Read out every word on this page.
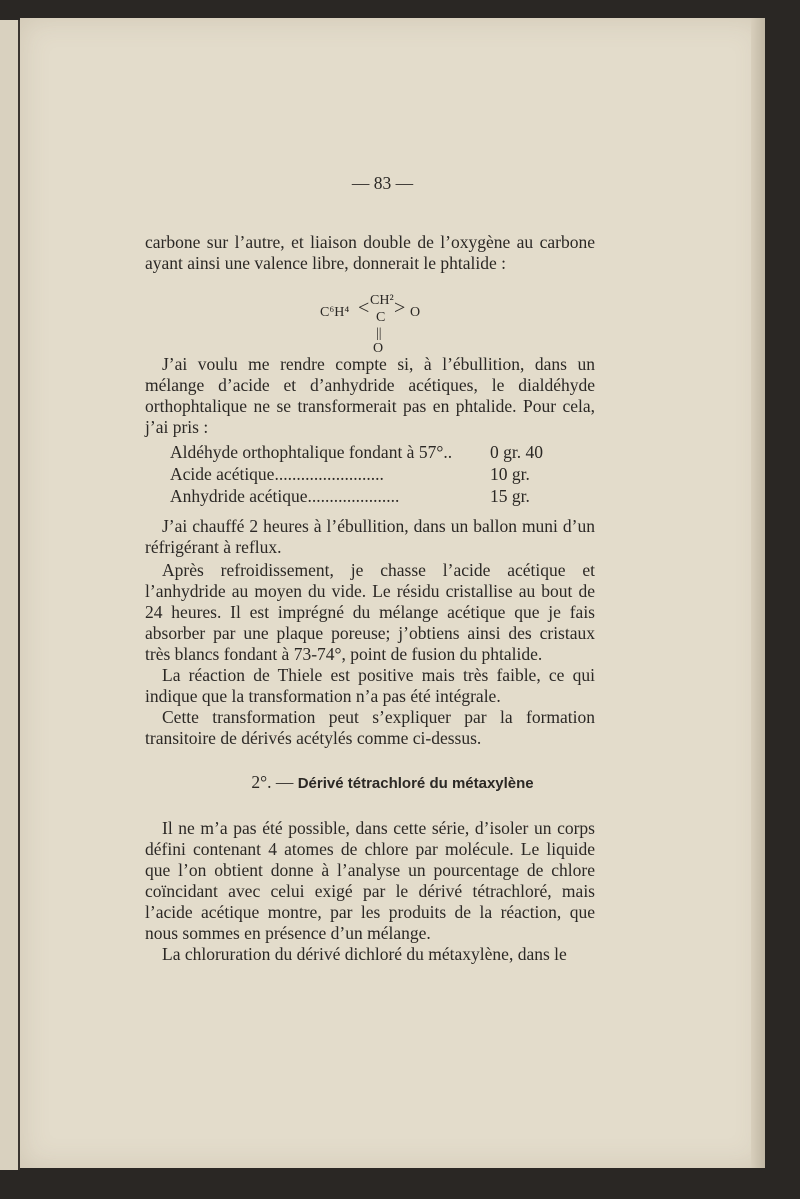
— 83 —

carbone sur l’autre, et liaison double de l’oxygène au carbone ayant ainsi une valence libre, donnerait le phtalide :

C⁶H⁴ < CH²
C > O
||
O

J’ai voulu me rendre compte si, à l’ébullition, dans un mélange d’acide et d’anhydride acétiques, le dialdéhyde orthophtalique ne se transformerait pas en phtalide. Pour cela, j’ai pris :

Aldéhyde orthophtalique fondant à 57°..	0 gr. 40
Acide acétique.........................	10 gr.
Anhydride acétique.....................	15 gr.

J’ai chauffé 2 heures à l’ébullition, dans un ballon muni d’un réfrigérant à reflux.

Après refroidissement, je chasse l’acide acétique et l’anhydride au moyen du vide. Le résidu cristallise au bout de 24 heures. Il est imprégné du mélange acétique que je fais absorber par une plaque poreuse; j’obtiens ainsi des cristaux très blancs fondant à 73-74°, point de fusion du phtalide.

La réaction de Thiele est positive mais très faible, ce qui indique que la transformation n’a pas été intégrale.

Cette transformation peut s’expliquer par la formation transitoire de dérivés acétylés comme ci-dessus.

2°. — Dérivé tétrachloré du métaxylène

Il ne m’a pas été possible, dans cette série, d’isoler un corps défini contenant 4 atomes de chlore par molécule. Le liquide que l’on obtient donne à l’analyse un pourcentage de chlore coïncidant avec celui exigé par le dérivé tétrachloré, mais l’acide acétique montre, par les produits de la réaction, que nous sommes en présence d’un mélange.

La chloruration du dérivé dichloré du métaxylène, dans le
